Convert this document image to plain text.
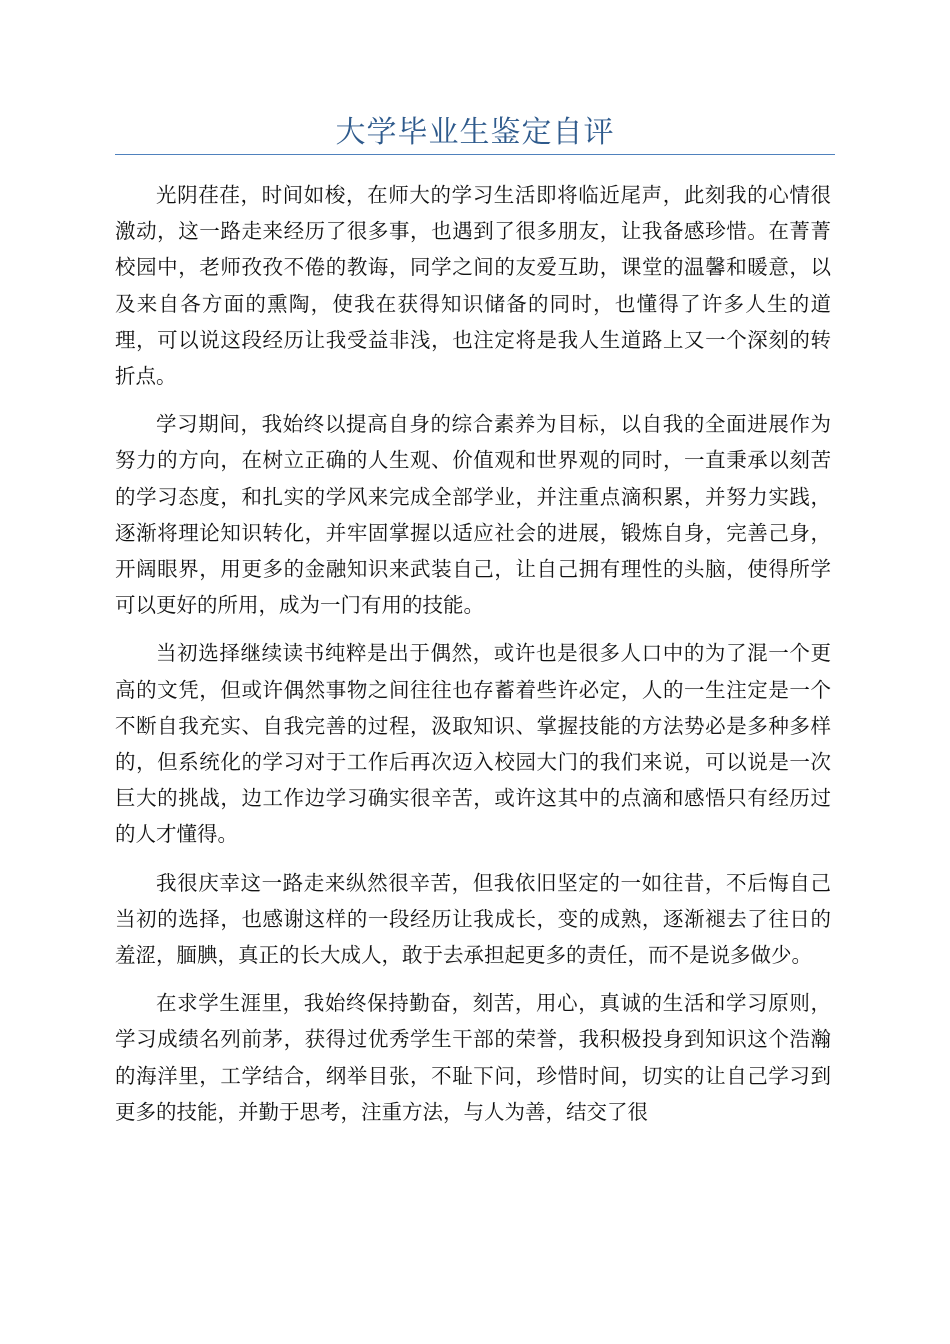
大学毕业生鉴定自评

光阴荏荏，时间如梭，在师大的学习生活即将临近尾声，此刻我的心情很激动，这一路走来经历了很多事，也遇到了很多朋友，让我备感珍惜。在菁菁校园中，老师孜孜不倦的教诲，同学之间的友爱互助，课堂的温馨和暖意，以及来自各方面的熏陶，使我在获得知识储备的同时，也懂得了许多人生的道理，可以说这段经历让我受益非浅，也注定将是我人生道路上又一个深刻的转折点。

学习期间，我始终以提高自身的综合素养为目标，以自我的全面进展作为努力的方向，在树立正确的人生观、价值观和世界观的同时，一直秉承以刻苦的学习态度，和扎实的学风来完成全部学业，并注重点滴积累，并努力实践，逐渐将理论知识转化，并牢固掌握以适应社会的进展，锻炼自身，完善己身，开阔眼界，用更多的金融知识来武装自己，让自己拥有理性的头脑，使得所学可以更好的所用，成为一门有用的技能。

当初选择继续读书纯粹是出于偶然，或许也是很多人口中的为了混一个更高的文凭，但或许偶然事物之间往往也存蓄着些许必定，人的一生注定是一个不断自我充实、自我完善的过程，汲取知识、掌握技能的方法势必是多种多样的，但系统化的学习对于工作后再次迈入校园大门的我们来说，可以说是一次巨大的挑战，边工作边学习确实很辛苦，或许这其中的点滴和感悟只有经历过的人才懂得。

我很庆幸这一路走来纵然很辛苦，但我依旧坚定的一如往昔，不后悔自己当初的选择，也感谢这样的一段经历让我成长，变的成熟，逐渐褪去了往日的羞涩，腼腆，真正的长大成人，敢于去承担起更多的责任，而不是说多做少。

在求学生涯里，我始终保持勤奋，刻苦，用心，真诚的生活和学习原则，学习成绩名列前茅，获得过优秀学生干部的荣誉，我积极投身到知识这个浩瀚的海洋里，工学结合，纲举目张，不耻下问，珍惜时间，切实的让自己学习到更多的技能，并勤于思考，注重方法，与人为善，结交了很
